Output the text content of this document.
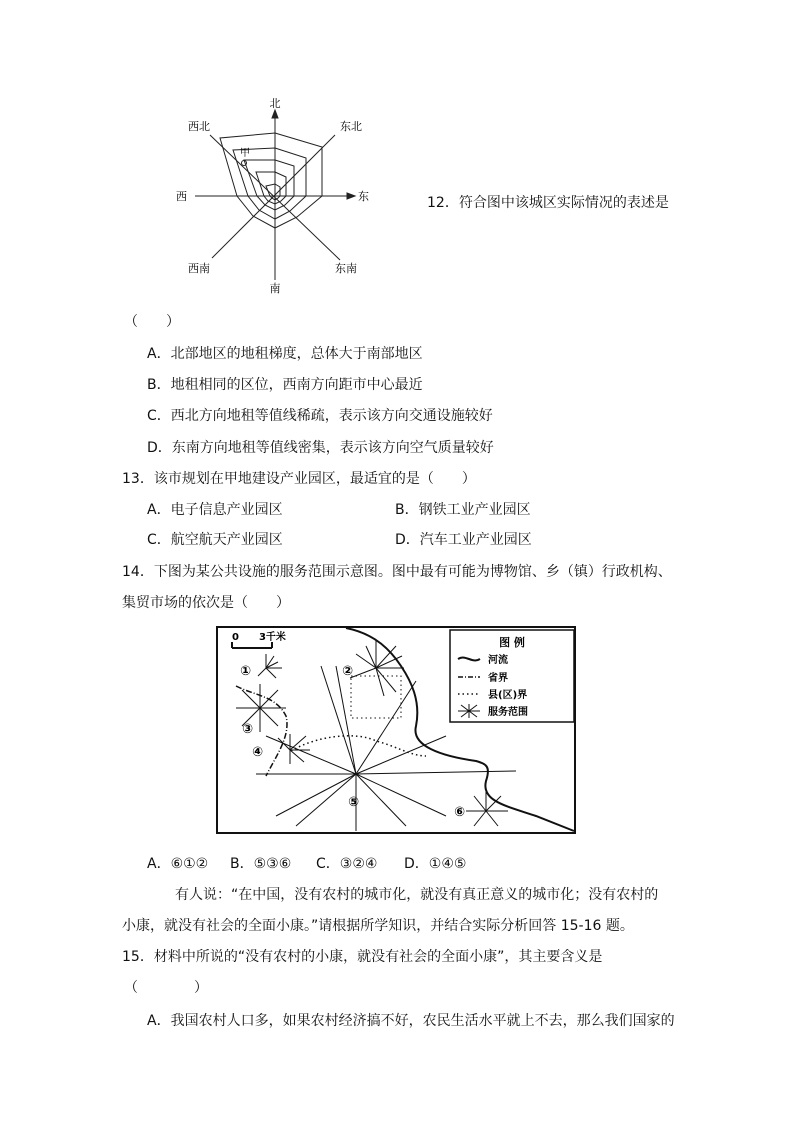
北
东北
东
东南
南
西南
西
西北
甲
12．符合图中该城区实际情况的表述是
（　　）
A．北部地区的地租梯度，总体大于南部地区
B．地租相同的区位，西南方向距市中心最近
C．西北方向地租等值线稀疏，表示该方向交通设施较好
D．东南方向地租等值线密集，表示该方向空气质量较好
13．该市规划在甲地建设产业园区，最适宜的是（　　）
A．电子信息产业园区	B．钢铁工业产业园区
C．航空航天产业园区	D．汽车工业产业园区
14．下图为某公共设施的服务范围示意图。图中最有可能为博物馆、乡（镇）行政机构、
集贸市场的依次是（　　）
0　　3千米
①	②
③
④
⑤
⑥
图 例
河流
省界
县(区)界
服务范围
A．⑥①② B．⑤③⑥ C．③②④ D．①④⑤
有人说：“在中国，没有农村的城市化，就没有真正意义的城市化；没有农村的
小康，就没有社会的全面小康。”请根据所学知识，并结合实际分析回答 15-16 题。
15．材料中所说的“没有农村的小康，就没有社会的全面小康”，其主要含义是
（　　　　）
A．我国农村人口多，如果农村经济搞不好，农民生活水平就上不去，那么我们国家的
